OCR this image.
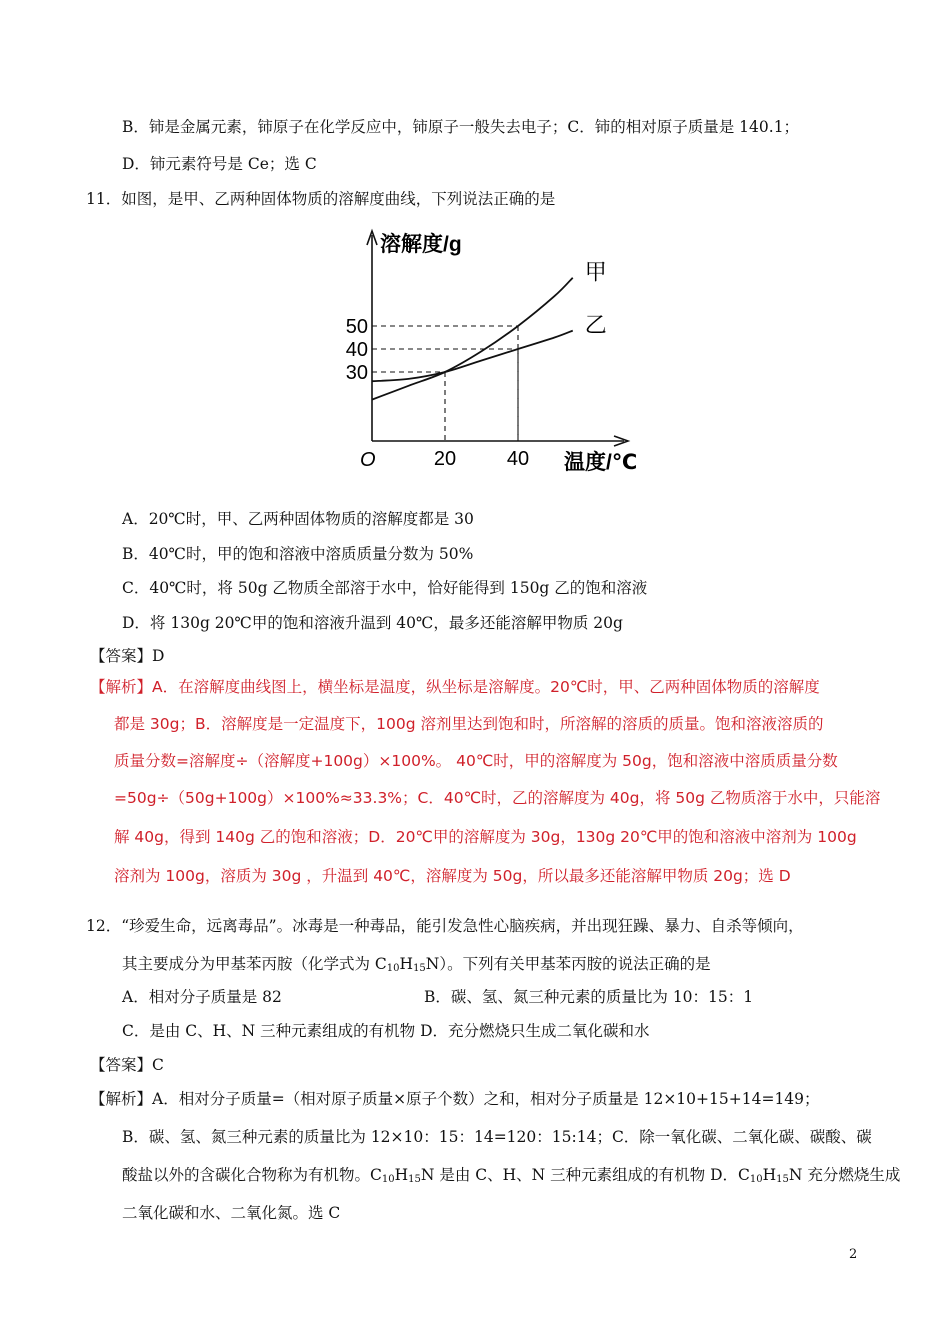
B．铈是金属元素，铈原子在化学反应中，铈原子一般失去电子；C．铈的相对原子质量是 140.1；
D．铈元素符号是 Ce；选 C
11．如图，是甲、乙两种固体物质的溶解度曲线，下列说法正确的是
溶解度/g
温度/℃
O	20	40
30
40
50
甲
乙
A．20℃时，甲、乙两种固体物质的溶解度都是 30
B．40℃时，甲的饱和溶液中溶质质量分数为 50%
C．40℃时，将 50g 乙物质全部溶于水中，恰好能得到 150g 乙的饱和溶液
D．将 130g 20℃甲的饱和溶液升温到 40℃，最多还能溶解甲物质 20g
【答案】D
【解析】A．在溶解度曲线图上，横坐标是温度，纵坐标是溶解度。20℃时，甲、乙两种固体物质的溶解度
都是 30g；B．溶解度是一定温度下，100g 溶剂里达到饱和时，所溶解的溶质的质量。饱和溶液溶质的
质量分数=溶解度÷（溶解度+100g）×100%。 40℃时，甲的溶解度为 50g，饱和溶液中溶质质量分数
=50g÷（50g+100g）×100%≈33.3%；C．40℃时，乙的溶解度为 40g，将 50g 乙物质溶于水中，只能溶
解 40g，得到 140g 乙的饱和溶液；D．20℃甲的溶解度为 30g，130g 20℃甲的饱和溶液中溶剂为 100g
溶剂为 100g，溶质为 30g ，升温到 40℃，溶解度为 50g，所以最多还能溶解甲物质 20g；选 D
12．“珍爱生命，远离毒品”。冰毒是一种毒品，能引发急性心脑疾病，并出现狂躁、暴力、自杀等倾向，
其主要成分为甲基苯丙胺（化学式为 $C_{10}H_{15}N$）。下列有关甲基苯丙胺的说法正确的是
A．相对分子质量是 82	B．碳、氢、氮三种元素的质量比为 10：15：1
C．是由 C、H、N 三种元素组成的有机物 D．充分燃烧只生成二氧化碳和水
【答案】C
【解析】A．相对分子质量=（相对原子质量×原子个数）之和，相对分子质量是 12×10+15+14=149；
B．碳、氢、氮三种元素的质量比为 12×10：15：14=120：15:14；C．除一氧化碳、二氧化碳、碳酸、碳
酸盐以外的含碳化合物称为有机物。$C_{10}H_{15}N$ 是由 C、H、N 三种元素组成的有机物 D．$C_{10}H_{15}N$ 充分燃烧生成
二氧化碳和水、二氧化氮。选 C
2
